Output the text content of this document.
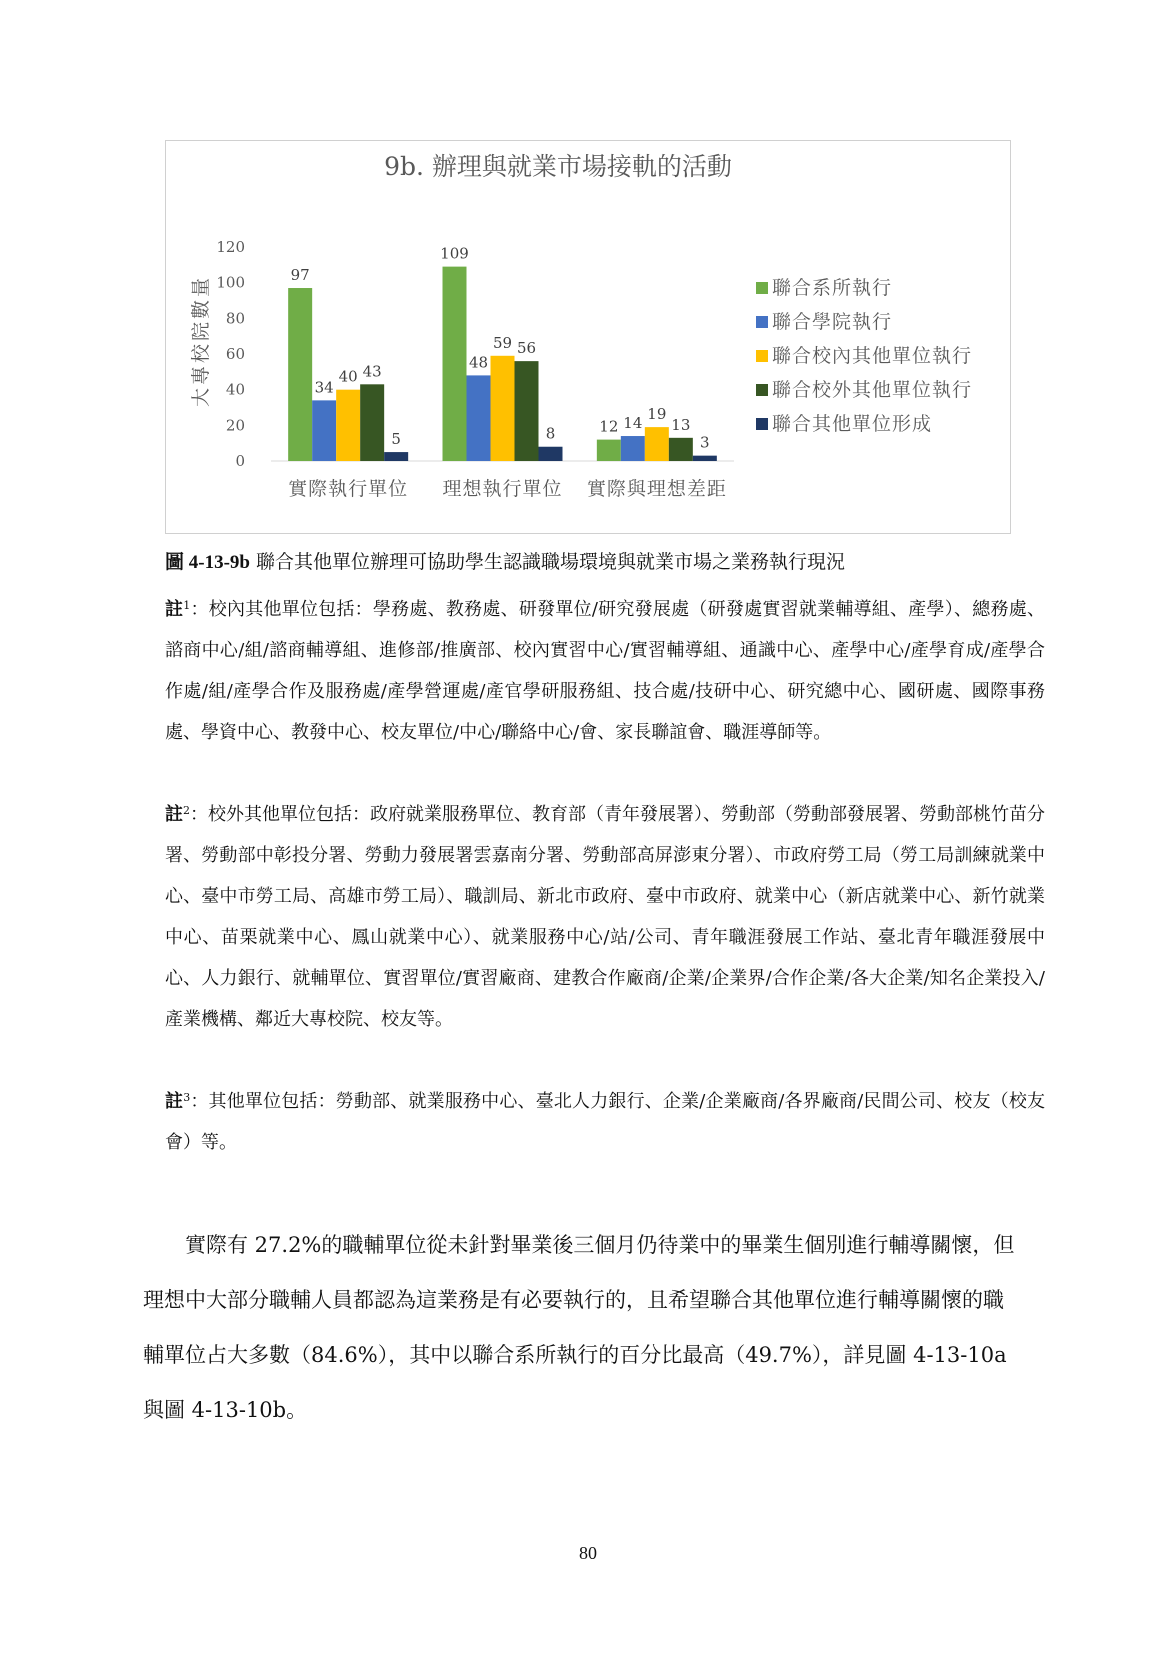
9b. 辦理與就業市場接軌的活動
大專校院數量
0
20
40
60
80
100
120
97
34
40 43
5
實際執行單位
109
48
59 56
8
理想執行單位
12 14 19
13
3
實際與理想差距
聯合系所執行
聯合學院執行
聯合校內其他單位執行
聯合校外其他單位執行
聯合其他單位形成
圖 4-13-9b 聯合其他單位辦理可協助學生認識職場環境與就業市場之業務執行現況
註$^1$：校內其他單位包括：學務處、教務處、研發單位/研究發展處（研發處實習就業輔導組、產學）、總務處、諮商中心/組/諮商輔導組、進修部/推廣部、校內實習中心/實習輔導組、通識中心、產學中心/產學育成/產學合作處/組/產學合作及服務處/產學營運處/產官學研服務組、技合處/技研中心、研究總中心、國研處、國際事務處、學資中心、教發中心、校友單位/中心/聯絡中心/會、家長聯誼會、職涯導師等。
註$^2$：校外其他單位包括：政府就業服務單位、教育部（青年發展署）、勞動部（勞動部發展署、勞動部桃竹苗分署、勞動部中彰投分署、勞動力發展署雲嘉南分署、勞動部高屏澎東分署）、市政府勞工局（勞工局訓練就業中心、臺中市勞工局、高雄市勞工局）、職訓局、新北市政府、臺中市政府、就業中心（新店就業中心、新竹就業中心、苗栗就業中心、鳳山就業中心）、就業服務中心/站/公司、青年職涯發展工作站、臺北青年職涯發展中心、人力銀行、就輔單位、實習單位/實習廠商、建教合作廠商/企業/企業界/合作企業/各大企業/知名企業投入/產業機構、鄰近大專校院、校友等。
註$^3$：其他單位包括：勞動部、就業服務中心、臺北人力銀行、企業/企業廠商/各界廠商/民間公司、校友（校友會）等。

實際有 27.2%的職輔單位從未針對畢業後三個月仍待業中的畢業生個別進行輔導關懷，但理想中大部分職輔人員都認為這業務是有必要執行的，且希望聯合其他單位進行輔導關懷的職輔單位占大多數（84.6%），其中以聯合系所執行的百分比最高（49.7%），詳見圖 4-13-10a 與圖 4-13-10b。

80
